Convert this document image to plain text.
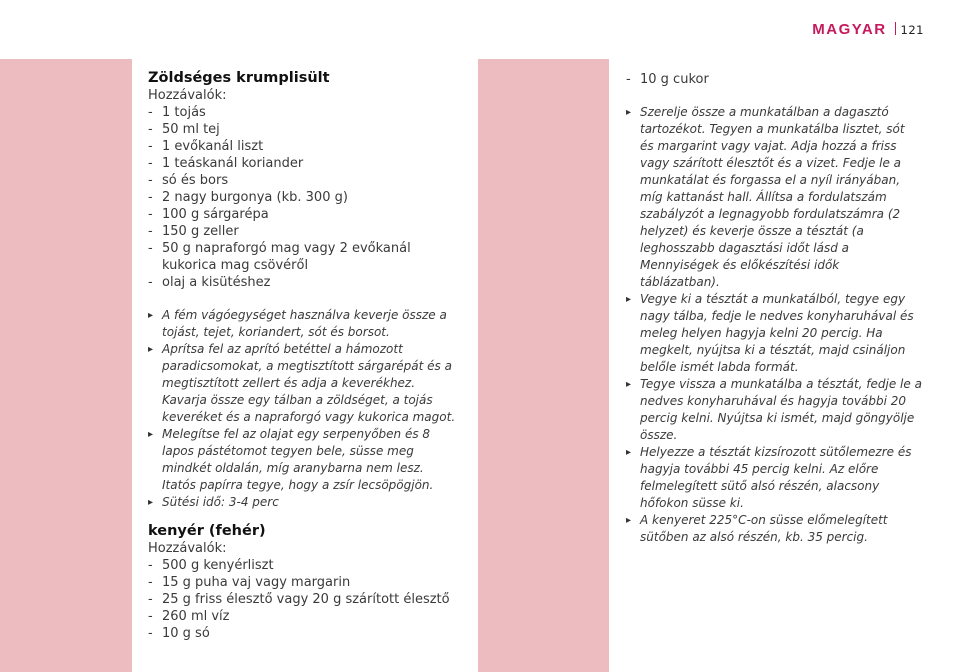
MAGYAR 121
Zöldséges krumplisült
Hozzávalók:
- 1 tojás
- 50 ml tej
- 1 evőkanál liszt
- 1 teáskanál koriander
- só és bors
- 2 nagy burgonya (kb. 300 g)
- 100 g sárgarépa
- 150 g zeller
- 50 g napraforgó mag vagy 2 evőkanál kukorica mag csövéről
- olaj a kisütéshez
▸ A fém vágóegységet használva keverje össze a tojást, tejet, koriandert, sót és borsot.
▸ Aprítsa fel az aprító betéttel a hámozott paradicsomokat, a megtisztított sárgarépát és a megtisztított zellert és adja a keverékhez. Kavarja össze egy tálban a zöldséget, a tojás keveréket és a napraforgó vagy kukorica magot.
▸ Melegítse fel az olajat egy serpenyőben és 8 lapos pástétomot tegyen bele, süsse meg mindkét oldalán, míg aranybarna nem lesz. Itatós papírra tegye, hogy a zsír lecsöpögjön.
▸ Sütési idő: 3-4 perc
kenyér (fehér)
Hozzávalók:
- 500 g kenyérliszt
- 15 g puha vaj vagy margarin
- 25 g friss élesztő vagy 20 g szárított élesztő
- 260 ml víz
- 10 g só
- 10 g cukor
▸ Szerelje össze a munkatálban a dagasztó tartozékot. Tegyen a munkatálba lisztet, sót és margarint vagy vajat. Adja hozzá a friss vagy szárított élesztőt és a vizet. Fedje le a munkatálat és forgassa el a nyíl irányában, míg kattanást hall. Állítsa a fordulatszám szabályzót a legnagyobb fordulatszámra (2 helyzet) és keverje össze a tésztát (a leghosszabb dagasztási időt lásd a Mennyiségek és előkészítési idők táblázatban).
▸ Vegye ki a tésztát a munkatálból, tegye egy nagy tálba, fedje le nedves konyharuhával és meleg helyen hagyja kelni 20 percig. Ha megkelt, nyújtsa ki a tésztát, majd csináljon belőle ismét labda formát.
▸ Tegye vissza a munkatálba a tésztát, fedje le a nedves konyharuhával és hagyja további 20 percig kelni. Nyújtsa ki ismét, majd göngyölje össze.
▸ Helyezze a tésztát kizsírozott sütőlemezre és hagyja további 45 percig kelni. Az előre felmelegített sütő alsó részén, alacsony hőfokon süsse ki.
▸ A kenyeret 225°C-on süsse előmelegített sütőben az alsó részén, kb. 35 percig.
